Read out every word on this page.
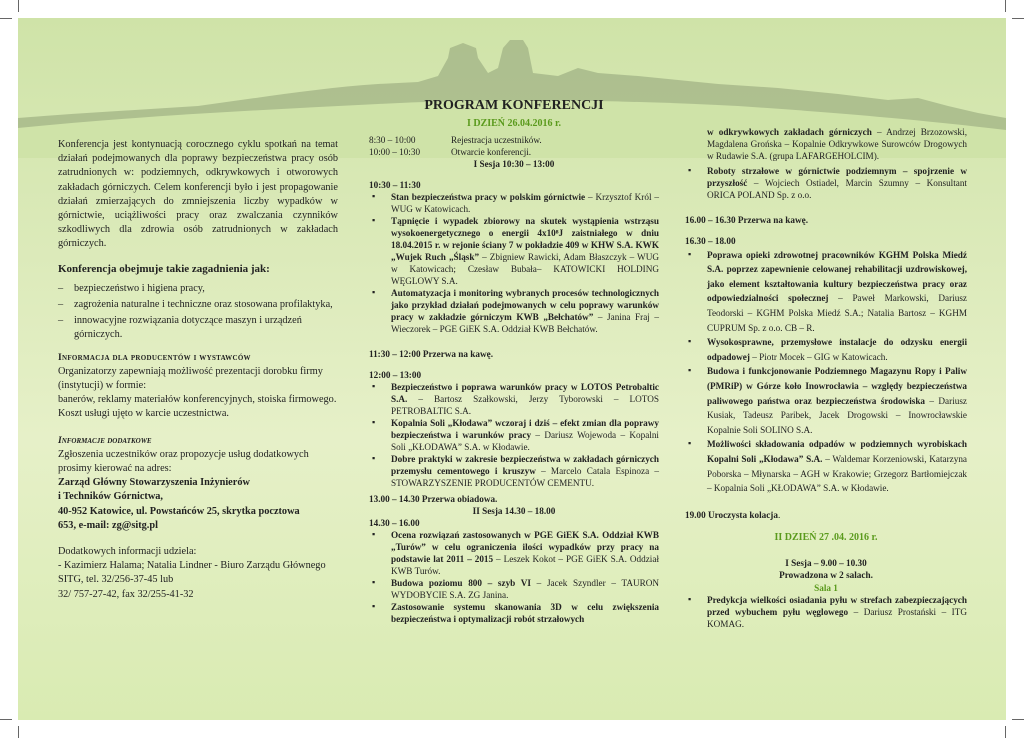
Konferencja jest kontynuacją corocznego cyklu spotkań na temat działań podejmowanych dla poprawy bezpieczeństwa pracy osób zatrudnionych w: podziemnych, odkrywkowych i otworowych zakładach górniczych. Celem konferencji było i jest propagowanie działań zmierzających do zmniejszenia liczby wypadków w górnictwie, uciążliwości pracy oraz zwalczania czynników szkodliwych dla zdrowia osób zatrudnionych w zakładach górniczych.

Konferencja obejmuje takie zagadnienia jak:
– bezpieczeństwo i higiena pracy,
– zagrożenia naturalne i techniczne oraz stosowana profilaktyka,
– innowacyjne rozwiązania dotyczące maszyn i urządzeń górniczych.
Informacja dla producentów i wystawców
Organizatorzy zapewniają możliwość prezentacji dorobku firmy (instytucji) w formie:
banerów, reklamy materiałów konferencyjnych, stoiska firmowego.
Koszt usługi ujęto w karcie uczestnictwa.
Informacje dodatkowe
Zgłoszenia uczestników oraz propozycje usług dodatkowych prosimy kierować na adres:
Zarząd Główny Stowarzyszenia Inżynierów
i Techników Górnictwa,
40-952 Katowice, ul. Powstańców 25, skrytka pocztowa
653, e-mail: zg@sitg.pl
Dodatkowych informacji udziela:
- Kazimierz Halama; Natalia Lindner - Biuro Zarządu Głównego SITG, tel. 32/256-37-45 lub
32/ 757-27-42, fax 32/255-41-32
PROGRAM KONFERENCJI
I DZIEŃ 26.04.2016 r.
8:30 – 10:00	Rejestracja uczestników.
10:00 – 10:30	Otwarcie konferencji.
I Sesja 10:30 – 13:00
10:30 – 11:30
▪ Stan bezpieczeństwa pracy w polskim górnictwie – Krzysztof Król – WUG w Katowicach.
▪ Tąpnięcie i wypadek zbiorowy na skutek wystąpienia wstrząsu wysokoenergetycznego o energii 4x10⁸J zaistniałego w dniu 18.04.2015 r. w rejonie ściany 7 w pokładzie 409 w KHW S.A. KWK „Wujek Ruch „Śląsk” – Zbigniew Rawicki, Adam Błaszczyk – WUG w Katowicach; Czesław Bubała– KATOWICKI HOLDING WĘGLOWY S.A.
▪ Automatyzacja i monitoring wybranych procesów technologicznych jako przykład działań podejmowanych w celu poprawy warunków pracy w zakładzie górniczym KWB „Bełchatów” – Janina Fraj – Wieczorek – PGE GiEK S.A. Oddział KWB Bełchatów.
11:30 – 12:00 Przerwa na kawę.
12:00 – 13:00
▪ Bezpieczeństwo i poprawa warunków pracy w LOTOS Petrobaltic S.A. – Bartosz Szałkowski, Jerzy Tyborowski – LOTOS PETROBALTIC S.A.
▪ Kopalnia Soli „Kłodawa” wczoraj i dziś – efekt zmian dla poprawy bezpieczeństwa i warunków pracy – Dariusz Wojewoda – Kopalni Soli „KŁODAWA” S.A. w Kłodawie.
▪ Dobre praktyki w zakresie bezpieczeństwa w zakładach górniczych przemysłu cementowego i kruszyw – Marcelo Catala Espinoza – STOWARZYSZENIE PRODUCENTÓW CEMENTU.
13.00 – 14.30 Przerwa obiadowa.
II Sesja 14.30 – 18.00
14.30 – 16.00
▪ Ocena rozwiązań zastosowanych w PGE GiEK S.A. Oddział KWB „Turów” w celu ograniczenia ilości wypadków przy pracy na podstawie lat 2011 – 2015 – Leszek Kokot – PGE GiEK S.A. Oddział KWB Turów.
▪ Budowa poziomu 800 – szyb VI – Jacek Szyndler – TAURON WYDOBYCIE S.A. ZG Janina.
▪ Zastosowanie systemu skanowania 3D w celu zwiększenia bezpieczeństwa i optymalizacji robót strzałowych

w odkrywkowych zakładach górniczych – Andrzej Brzozowski, Magdalena Grońska – Kopalnie Odkrywkowe Surowców Drogowych w Rudawie S.A. (grupa LAFARGEHOLCIM).

▪ Roboty strzałowe w górnictwie podziemnym – spojrzenie w przyszłość – Wojciech Ostiadel, Marcin Szumny – Konsultant ORICA POLAND Sp. z o.o.
16.00 – 16.30 Przerwa na kawę.
16.30 – 18.00
▪ Poprawa opieki zdrowotnej pracowników KGHM Polska Miedź S.A. poprzez zapewnienie celowanej rehabilitacji uzdrowiskowej, jako element kształtowania kultury bezpieczeństwa pracy oraz odpowiedzialności społecznej – Paweł Markowski, Dariusz Teodorski – KGHM Polska Miedź S.A.; Natalia Bartosz – KGHM CUPRUM Sp. z o.o. CB – R.
▪ Wysokosprawne, przemysłowe instalacje do odzysku energii odpadowej – Piotr Mocek – GIG w Katowicach.
▪ Budowa i funkcjonowanie Podziemnego Magazynu Ropy i Paliw (PMRiP) w Górze koło Inowrocławia – względy bezpieczeństwa paliwowego państwa oraz bezpieczeństwa środowiska – Dariusz Kusiak, Tadeusz Paribek, Jacek Drogowski – Inowrocławskie Kopalnie Soli SOLINO S.A.
▪ Możliwości składowania odpadów w podziemnych wyrobiskach Kopalni Soli „Kłodawa” S.A. – Waldemar Korzeniowski, Katarzyna Poborska – Młynarska – AGH w Krakowie; Grzegorz Bartłomiejczak – Kopalnia Soli „KŁODAWA” S.A. w Kłodawie.
19.00 Uroczysta kolacja.
II DZIEŃ 27 .04. 2016 r.
I Sesja – 9.00 – 10.30
Prowadzona w 2 salach.
Sala 1
▪ Predykcja wielkości osiadania pyłu w strefach zabezpieczających przed wybuchem pyłu węglowego – Dariusz Prostański – ITG KOMAG.
